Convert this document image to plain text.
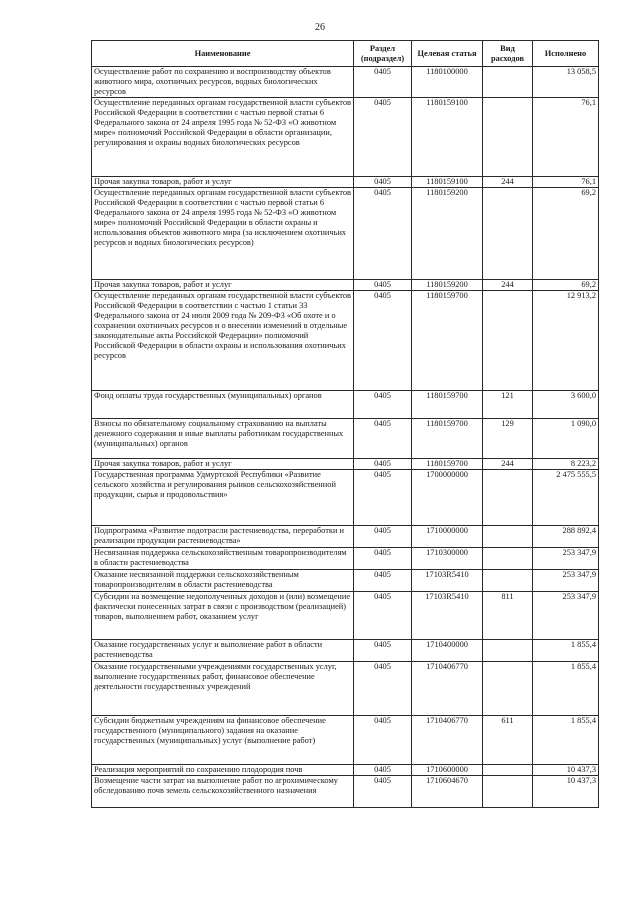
26
Наименование	Раздел (подраздел)	Целевая статья	Вид расходов	Исполнено
Осуществление работ по сохранению и воспроизводству объектов животного мира, охотничьих ресурсов, водных биологических ресурсов	0405	1180100000		13 058,5
Осуществление переданных органам государственной власти субъектов Российской Федерации в соответствии с частью первой статьи 6 Федерального закона от 24 апреля 1995 года № 52-ФЗ «О животном мире» полномочий Российской Федерации в области организации, регулирования и охраны водных биологических ресурсов	0405	1180159100		76,1
Прочая закупка товаров, работ и услуг	0405	1180159100	244	76,1
Осуществление переданных органам государственной власти субъектов Российской Федерации в соответствии с частью первой статьи 6 Федерального закона от 24 апреля 1995 года № 52-ФЗ «О животном мире» полномочий Российской Федерации в области охраны и использования объектов животного мира (за исключением охотничьих ресурсов и водных биологических ресурсов)	0405	1180159200		69,2
Прочая закупка товаров, работ и услуг	0405	1180159200	244	69,2
Осуществление переданных органам государственной власти субъектов Российской Федерации в соответствии с частью 1 статьи 33 Федерального закона от 24 июля 2009 года № 209-ФЗ «Об охоте и о сохранении охотничьих ресурсов и о внесении изменений в отдельные законодательные акты Российской Федерации» полномочий Российской Федерации в области охраны и использования охотничьих ресурсов	0405	1180159700		12 913,2
Фонд оплаты труда государственных (муниципальных) органов	0405	1180159700	121	3 600,0
Взносы по обязательному социальному страхованию на выплаты денежного содержания и иные выплаты работникам государственных (муниципальных) органов	0405	1180159700	129	1 090,0
Прочая закупка товаров, работ и услуг	0405	1180159700	244	8 223,2
Государственная программа Удмуртской Республики «Развитие сельского хозяйства и регулирования рынков сельскохозяйственной продукции, сырья и продовольствия»	0405	1700000000		2 475 555,5
Подпрограмма «Развитие подотрасли растениеводства, переработки и реализации продукции растениеводства»	0405	1710000000		288 892,4
Несвязанная поддержка сельскохозяйственным товаропроизводителям в области растениеводства	0405	1710300000		253 347,9
Оказание несвязанной поддержки сельскохозяйственным товаропроизводителям в области растениеводства	0405	17103R5410		253 347,9
Субсидии на возмещение недополученных доходов и (или) возмещение фактически понесенных затрат в связи с производством (реализацией) товаров, выполнением работ, оказанием услуг	0405	17103R5410	811	253 347,9
Оказание государственных услуг и выполнение работ в области растениеводства	0405	1710400000		1 855,4
Оказание государственными учреждениями государственных услуг, выполнение государственных работ, финансовое обеспечение деятельности государственных учреждений	0405	1710406770		1 855,4
Субсидии бюджетным учреждениям на финансовое обеспечение государственного (муниципального) задания на оказание государственных (муниципальных) услуг (выполнение работ)	0405	1710406770	611	1 855,4
Реализация мероприятий по сохранению плодородия почв	0405	1710600000		10 437,3
Возмещение части затрат на выполнение работ по агрохимическому обследованию почв земель сельскохозяйственного назначения	0405	1710604670		10 437,3
